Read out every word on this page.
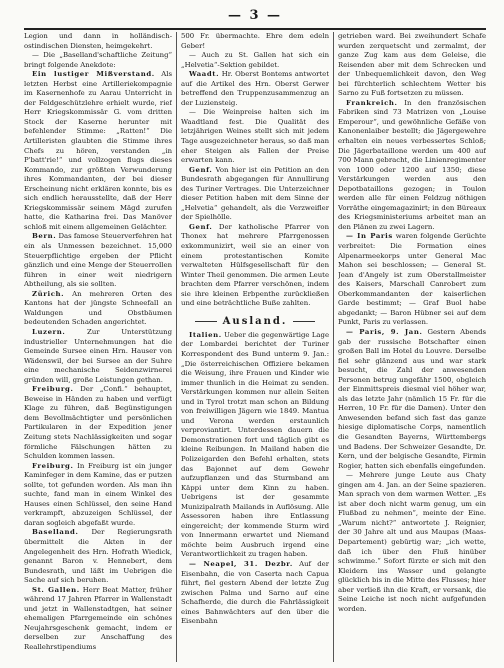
— 3 —

Legion und dann in holländisch-ostindischen Diensten, heimgekehrt.

— Die „Baselland'schaftliche Zeitung“ bringt folgende Anekdote:

Ein lustiger Mißverstand. Als letzten Herbst eine Artilleriekompagnie im Kasernenhofe zu Aarau Unterricht in der Feldgeschützlehre erhielt wurde, rief Herr Kriegskommissär G. vom dritten Stock der Kaserne herunter mit befehlender Stimme: „Ratten!“ Die Artilleristen glaubten die Stimme ihres Chefs zu hören, verstanden „in P'batt'rie!“ und vollzogen flugs dieses Kommando, zur größten Verwunderung ihres Kommandanten, der bei dieser Erscheinung nicht erklären konnte, bis es sich endlich herausstellte, daß der Herr Kriegskommissär seinem Mägd zurufen hatte, die Katharina frei. Das Manöver schloß mit einem allgemeinen Gelächter.

Bern. Das famose Steuerverfehren hat ein als Unmessen bezeichnet. 15,000 Steuerpflichtige ergeben der Pflicht gänzlich und eine Menge der Steuerrollen führen in einer weit niedrigern Abtheilung, als sie sollten.

Zürich. An mehreren Orten des Kantons hat der jüngste Schneefall an Waldungen und Obstbäumen bedeutenden Schaden angerichtet.

Luzern. Zur Unterstützung industrieller Unternehmungen hat die Gemeinde Sursee einen Hrn. Hauser von Wädenswil, der bei Sursee an der Suhre eine mechanische Seidenzwirnerei gründen will, große Leistungen gethan.

Freiburg. Der „Confi.“ behauptet, Beweise in Händen zu haben und verfügt Klage zu führen, daß Begünstigungen dem Bevollmächtigter und persönlichen Partikularen in der Expedition jener Zeitung stets Nachlässigkeiten und sogar förmliche Fälschungen hätten zu Schulden kommen lassen.

Freiburg. In Freiburg ist ein junger Kaminfeger in dem Kamine, das er putzen sollte, tot gefunden worden. Als man ihn suchte, fand man in einem Winkel des Hauses einen Schlüssel, den seine Hand verkrampft, abzuzeigen Schlüssel, der daran sogleich abgefaßt wurde.

Baselland. Der Regierungsrath übermittelt die Akten in der Angelegenheit des Hrn. Hofrath Wiedick, genannt Baron v. Hennebert, dem Bundesrath, und läßt im Uebrigen die Sache auf sich beruhen.

St. Gallen. Herr Beat Matter, früher während 17 Jahren Pfarrer in Wallenstadt und jetzt in Wallenstadtgen, hat seiner ehemaligen Pfarrgemeinde ein schönes Neujahrsgeschenk gemacht, indem er derselben zur Anschaffung des Reallehrstipendiums

500 Fr. übermachte. Ehre dem edeln Geber!

— Auch zu St. Gallen hat sich ein „Helvetia“-Sektion gebildet.

Waadt. Hr. Oberst Bontems antwortet auf die Artikel des Hrn. Oberst Gerwer betreffend den Truppenzusammenzug an der Luziensteig.

— Die Weinpreise halten sich im Waadtland fest. Die Qualität des letzjährigen Weines stellt sich mit jedem Tage ausgezeichneter heraus, so daß man eher Steigen als Fallen der Preise erwarten kann.

Genf. Von hier ist ein Petition an den Bundesrath abgegangen für Annullirung des Turiner Vertrages. Die Unterzeichner dieser Petition haben mit dem Sinne der „Helvetia“ gehandelt, als die Verzweifler der Spielhölle.

Genf. Der katholische Pfarrer von Thonex hat mehrere Pfarrgenossen exkommunizirt, weil sie an einer von einem protestantischen Komite verwalteten Hülfsgesellschaft für den Winter Theil genommen. Die armen Leute brachten dem Pfarrer verschönen, indem sie ihre kleinen Erbpenthe zurückließen und eine beträchtliche Buße zahlten.

Ausland.

Italien. Ueber die gegenwärtige Lage der Lombardei berichtet der Turiner Korrespondent des Bund unterm 9. Jan.: „Die österreichischen Offiziere bekamen die Weisung, ihre Frauen und Kinder wie immer thunlich in die Heimat zu senden. Verstärkungen kommen nur allein Seiten und in Tyrol trotzt man schon an Bildung von freiwilligen Jägern wie 1849. Mantua und Verona werden erstaunlich verproviantirt. Unterdessen dauern die Demonstrationen fort und täglich gibt es kleine Reibungen. In Mailand haben die Polizeigarden den Befehl erhalten, stets das Bajonnet auf dem Gewehr aufzupflanzen und das Sturmband am Käppi unter dem Kinn zu haben. Uebrigens ist der gesammte Munizipalrath Mailands in Auflösung. Alle Assessoren haben ihre Entlassung eingereicht; der kommende Sturm wird von Innermann erwartet und Niemand möchte beim Ausbruch irgend eine Verantwortlichkeit zu tragen haben.

— Neapel, 31. Dezbr. Auf der Eisenbahn, die von Caserta nach Capua führt, fiel gestern Abend der letzte Zug zwischen Palma und Sarno auf eine Schafherde, die durch die Fahrlässigkeit eines Bahnwächters auf den über die Eisenbahn

getrieben ward. Bei zweihundert Schafe wurden zerquetscht und zermalmt, der ganze Zug kam aus dem Geleise, die Reisenden aber mit dem Schrecken und der Unbequemlichkeit davon, den Weg bei fürchterlich schlechtem Wetter bis Sarno zu Fuß fortsetzen zu müssen.

Frankreich. In den französischen Fabriken sind 73 Matrizen von „Louise Emperour“, und gewöhnliche Gefäße von Kanonenlaiber bestellt; die Jägergewehre erhalten ein neues verbessertes Schloß; Die Jägerbataillone werden um 400 auf 700 Mann gebracht, die Linienregimenter von 1000 oder 1200 auf 1350; diese Verstärkungen werden aus den Depotbataillons gezogen; in Toulon werden alle für einen Feldzug nöthigen Vorräthe eingemagazinirt; in den Büreaux des Kriegsministeriums arbeitet man an den Plänen zu zwei Lagern.

— In Paris waren folgende Gerüchte verbreitet: Die Formation eines Alpenarmeekorps unter General Mac Mahon sei beschlossen; — General St. Jean d'Angely ist zum Oberstallmeister des Kaisers, Marschall Canrobert zum Oberkommandanten der kaiserlichen Garde bestimmt; — Graf Buol habe abgedankt; — Baron Hübner sei auf dem Punkt, Paris zu verlassen.

— Paris, 9. Jan. Gestern Abends gab der russische Botschafter einen großen Ball im Hotel du Louvre. Derselbe fiel sehr glänzend aus und war stark besucht, die Zahl der anwesenden Personen betrug ungefähr 1500, obgleich der Einmittspreis diesmal viel höher war, als das letzte Jahr (nämlich 15 Fr. für die Herren, 10 Fr. für die Damen). Unter den Anwesenden befand sich fast das ganze hiesige diplomatische Corps, namentlich die Gesandten Bayerns, Württembergs und Badens. Der Schweizer Gesandte, Dr. Kern, und der belgische Gesandte, Firmin Rogier, hatten sich ebenfalls eingefunden.

— Mehrere junge Leute aus Chaty gingen am 4. Jan. an der Seine spazieren. Man sprach von dem warmen Wetter. „Es ist aber doch nicht warm genug, um ein Flußbad zu nehmen“, meinte der Eine. „Warum nicht?“ antwortete J. Reignier, der 30 Jahre alt und aus Maupas (Maas-Departement) gebürtig war; „ich wette, daß ich über den Fluß hinüber schwimme.“ Sofort fürzte er sich mit den Kleidern ins Wasser und gelangte glücklich bis in die Mitte des Flusses; hier aber verließ ihn die Kraft, er versank, die Seine Leiche ist noch nicht aufgefunden worden.
